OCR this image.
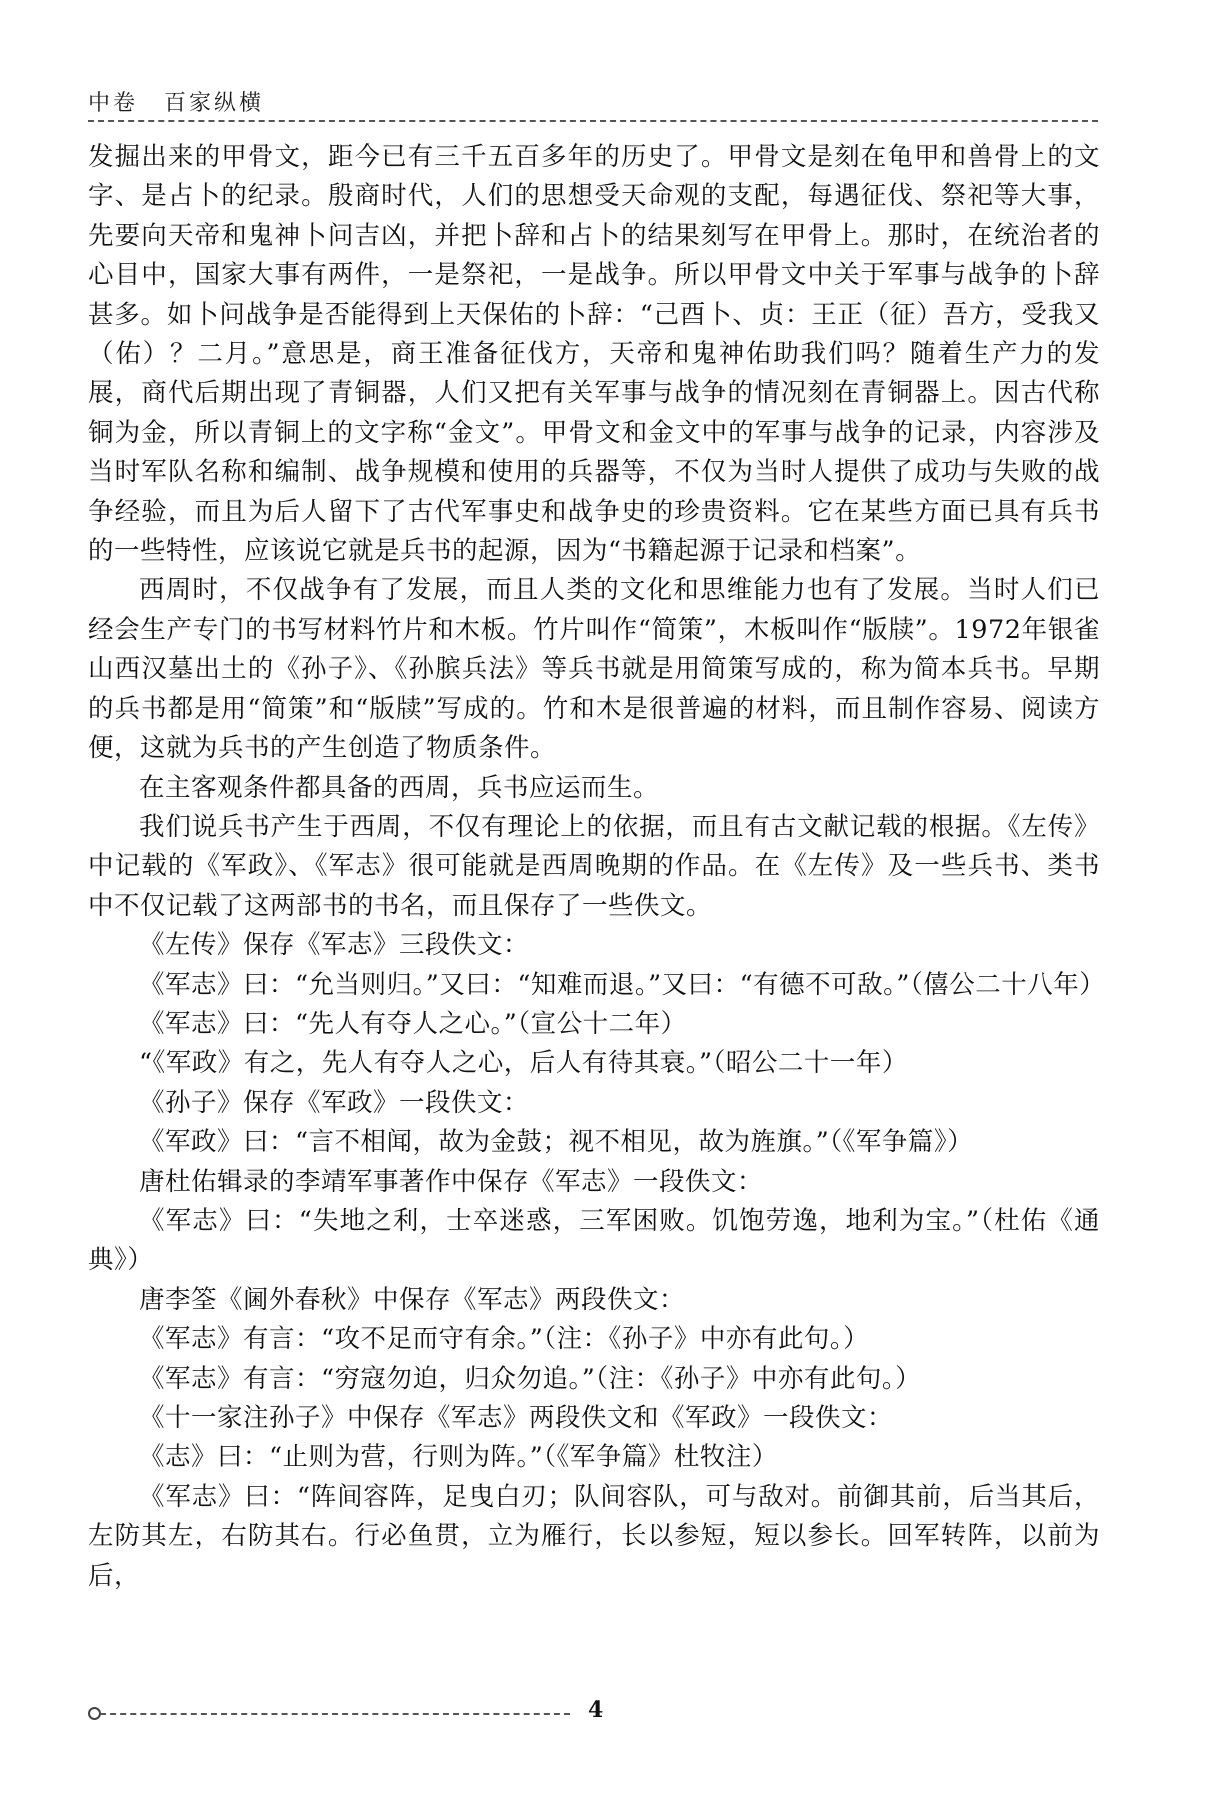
中卷 百家纵横

发掘出来的甲骨文，距今已有三千五百多年的历史了。甲骨文是刻在龟甲和兽骨上的文字、是占卜的纪录。殷商时代，人们的思想受天命观的支配，每遇征伐、祭祀等大事，先要向天帝和鬼神卜问吉凶，并把卜辞和占卜的结果刻写在甲骨上。那时，在统治者的心目中，国家大事有两件，一是祭祀，一是战争。所以甲骨文中关于军事与战争的卜辞甚多。如卜问战争是否能得到上天保佑的卜辞：“己酉卜、贞：王正（征）吾方，受我又（佑）？二月。”意思是，商王准备征伐方，天帝和鬼神佑助我们吗？随着生产力的发展，商代后期出现了青铜器，人们又把有关军事与战争的情况刻在青铜器上。因古代称铜为金，所以青铜上的文字称“金文”。甲骨文和金文中的军事与战争的记录，内容涉及当时军队名称和编制、战争规模和使用的兵器等，不仅为当时人提供了成功与失败的战争经验，而且为后人留下了古代军事史和战争史的珍贵资料。它在某些方面已具有兵书的一些特性，应该说它就是兵书的起源，因为“书籍起源于记录和档案”。

西周时，不仅战争有了发展，而且人类的文化和思维能力也有了发展。当时人们已经会生产专门的书写材料竹片和木板。竹片叫作“简策”，木板叫作“版牍”。1972年银雀山西汉墓出土的《孙子》、《孙膑兵法》等兵书就是用简策写成的，称为简本兵书。早期的兵书都是用“简策”和“版牍”写成的。竹和木是很普遍的材料，而且制作容易、阅读方便，这就为兵书的产生创造了物质条件。

在主客观条件都具备的西周，兵书应运而生。

我们说兵书产生于西周，不仅有理论上的依据，而且有古文献记载的根据。《左传》中记载的《军政》、《军志》很可能就是西周晚期的作品。在《左传》及一些兵书、类书中不仅记载了这两部书的书名，而且保存了一些佚文。

《左传》保存《军志》三段佚文：

《军志》曰：“允当则归。”又曰：“知难而退。”又曰：“有德不可敌。”（僖公二十八年）

《军志》曰：“先人有夺人之心。”（宣公十二年）

“《军政》有之，先人有夺人之心，后人有待其衰。”（昭公二十一年）

《孙子》保存《军政》一段佚文：

《军政》曰：“言不相闻，故为金鼓；视不相见，故为旌旗。”（《军争篇》）

唐杜佑辑录的李靖军事著作中保存《军志》一段佚文：

《军志》曰：“失地之利，士卒迷惑，三军困败。饥饱劳逸，地利为宝。”（杜佑《通典》）

唐李筌《阃外春秋》中保存《军志》两段佚文：

《军志》有言：“攻不足而守有余。”（注：《孙子》中亦有此句。）

《军志》有言：“穷寇勿迫，归众勿追。”（注：《孙子》中亦有此句。）

《十一家注孙子》中保存《军志》两段佚文和《军政》一段佚文：

《志》曰：“止则为营，行则为阵。”（《军争篇》杜牧注）

《军志》曰：“阵间容阵，足曳白刃；队间容队，可与敌对。前御其前，后当其后，左防其左，右防其右。行必鱼贯，立为雁行，长以参短，短以参长。回军转阵，以前为后，

4
